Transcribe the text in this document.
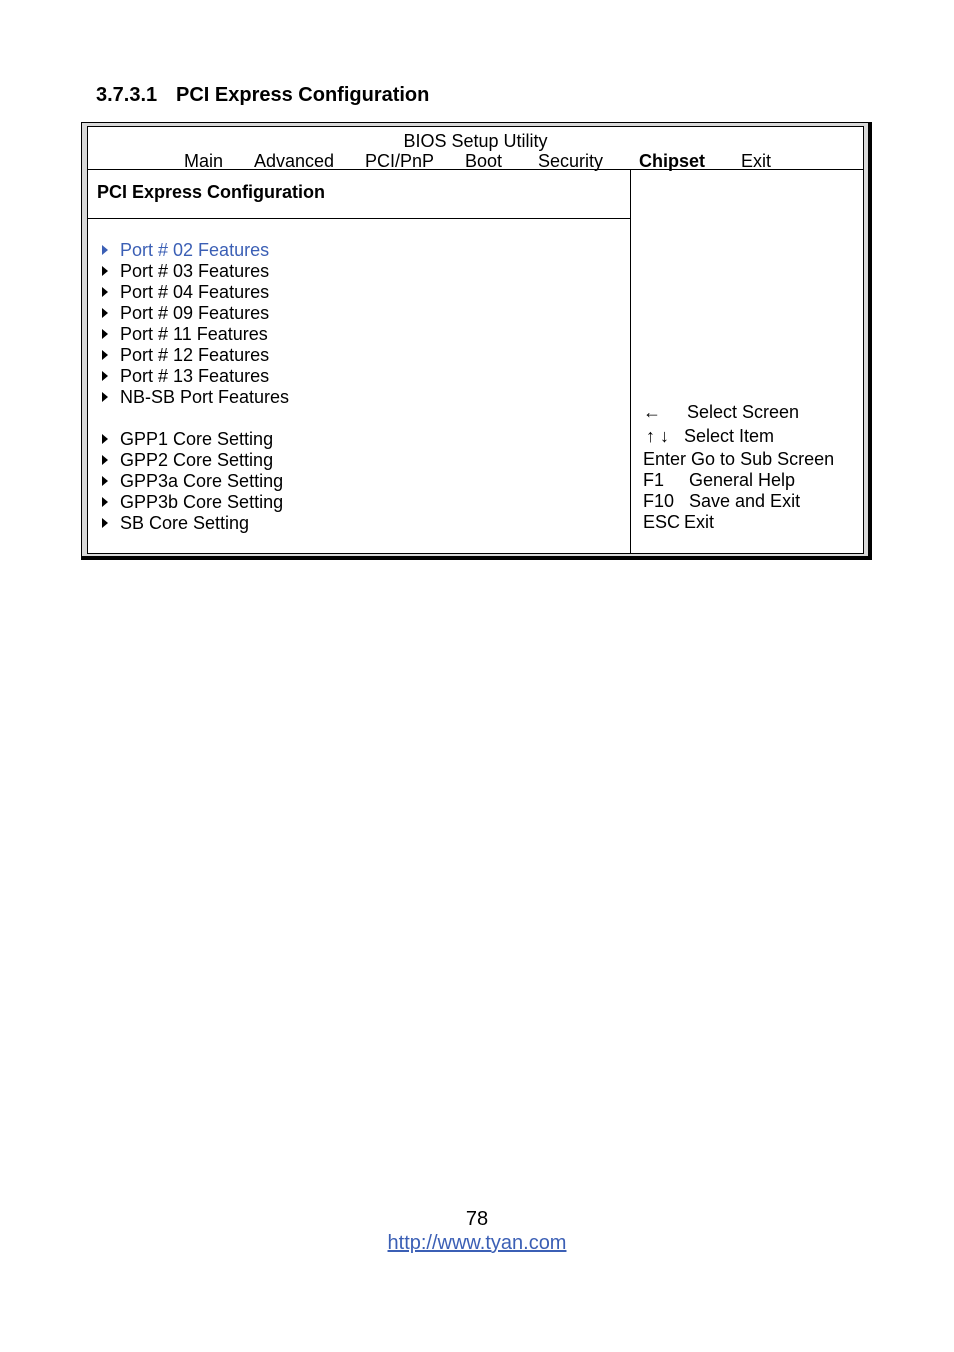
3.7.3.1 PCI Express Configuration
BIOS Setup Utility
Main Advanced PCI/PnP Boot Security Chipset Exit
PCI Express Configuration
Port # 02 Features
Port # 03 Features
Port # 04 Features
Port # 09 Features
Port # 11 Features
Port # 12 Features
Port # 13 Features
NB-SB Port Features
GPP1 Core Setting
GPP2 Core Setting
GPP3a Core Setting
GPP3b Core Setting
SB Core Setting
← Select Screen
↑ ↓ Select Item
Enter Go to Sub Screen
F1 General Help
F10 Save and Exit
ESC Exit
78
http://www.tyan.com
